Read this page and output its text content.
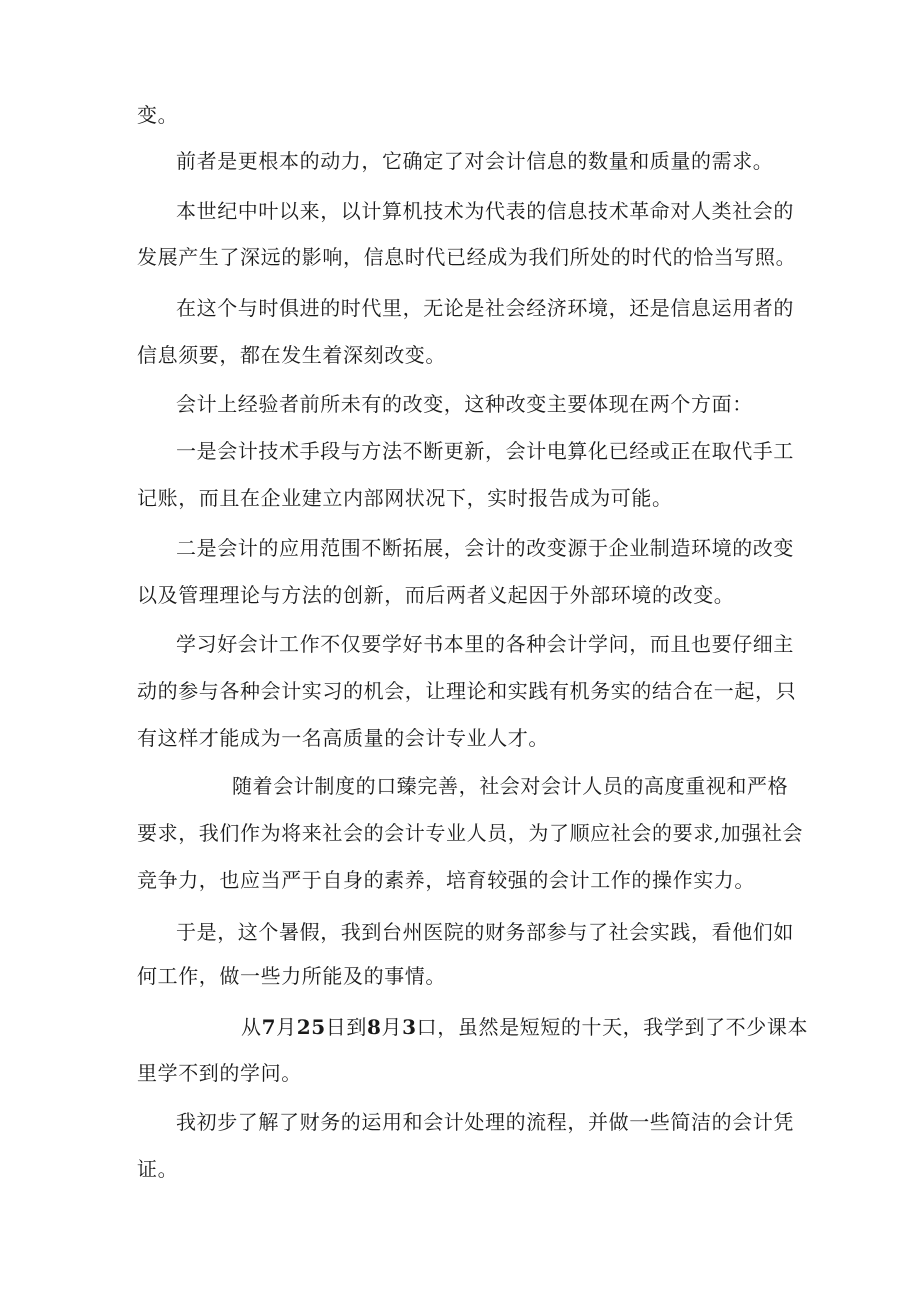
变。

前者是更根本的动力，它确定了对会计信息的数量和质量的需求。

本世纪中叶以来，以计算机技术为代表的信息技术革命对人类社会的

发展产生了深远的影响，信息时代已经成为我们所处的时代的恰当写照。

在这个与时俱进的时代里，无论是社会经济环境，还是信息运用者的

信息须要，都在发生着深刻改变。

会计上经验者前所未有的改变，这种改变主要体现在两个方面：

一是会计技术手段与方法不断更新，会计电算化已经或正在取代手工

记账，而且在企业建立内部网状况下，实时报告成为可能。

二是会计的应用范围不断拓展，会计的改变源于企业制造环境的改变

以及管理理论与方法的创新，而后两者义起因于外部环境的改变。

学习好会计工作不仅要学好书本里的各种会计学问，而且也要仔细主

动的参与各种会计实习的机会，让理论和实践有机务实的结合在一起，只

有这样才能成为一名高质量的会计专业人才。

随着会计制度的口臻完善，社会对会计人员的高度重视和严格

要求，我们作为将来社会的会计专业人员，为了顺应社会的要求,加强社会

竞争力，也应当严于自身的素养，培育较强的会计工作的操作实力。

于是，这个暑假，我到台州医院的财务部参与了社会实践，看他们如

何工作，做一些力所能及的事情。

从7月25日到8月3口，虽然是短短的十天，我学到了不少课本

里学不到的学问。

我初步了解了财务的运用和会计处理的流程，并做一些简洁的会计凭

证。
